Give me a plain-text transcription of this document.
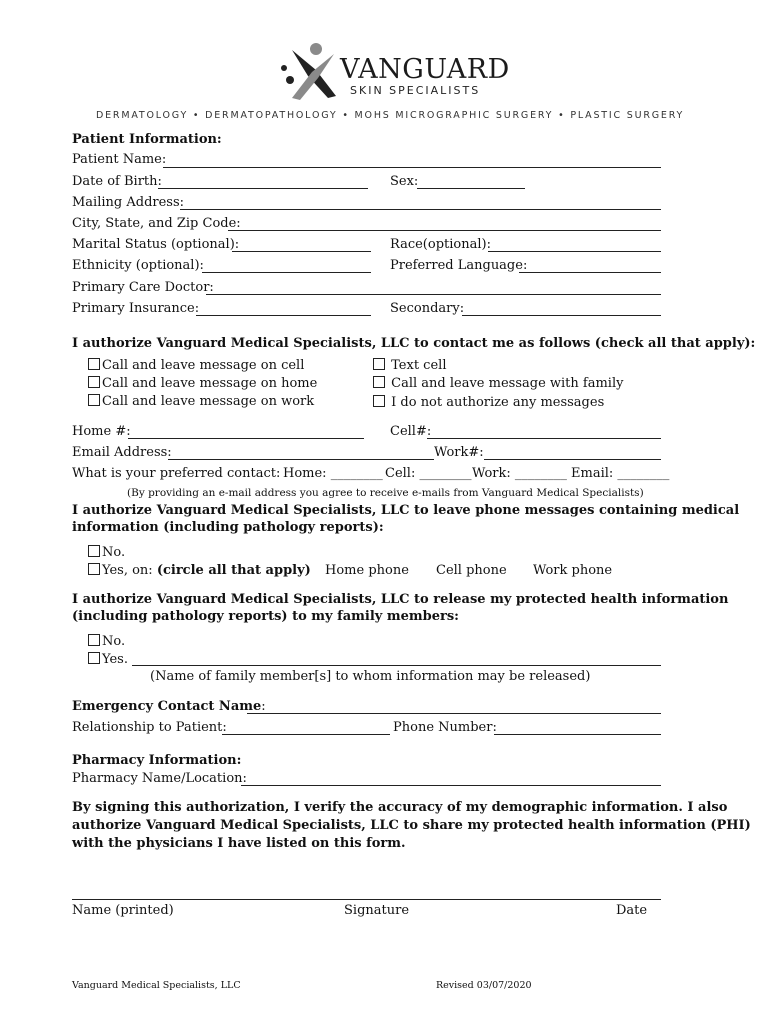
VANGUARD
SKIN SPECIALISTS
DERMATOLOGY • DERMATOPATHOLOGY • MOHS MICROGRAPHIC SURGERY • PLASTIC SURGERY
Patient Information:
Patient Name:
Date of Birth:	Sex:
Mailing Address:
City, State, and Zip Code:
Marital Status (optional):	Race(optional):
Ethnicity (optional):	Preferred Language:
Primary Care Doctor:
Primary Insurance:	Secondary:
I authorize Vanguard Medical Specialists, LLC to contact me as follows (check all that apply):
Call and leave message on cell
Call and leave message on home
Call and leave message on work
Text cell
Call and leave message with family
I do not authorize any messages
Home #:	Cell#:
Email Address:	Work#:
What is your preferred contact: Home: ________ Cell: ________ Work: ________ Email: ________
(By providing an e-mail address you agree to receive e-mails from Vanguard Medical Specialists)
I authorize Vanguard Medical Specialists, LLC to leave phone messages containing medical
information (including pathology reports):
No.
Yes, on: (circle all that apply) Home phone Cell phone Work phone
I authorize Vanguard Medical Specialists, LLC to release my protected health information
(including pathology reports) to my family members:
No.
Yes.
(Name of family member[s] to whom information may be released)
Emergency Contact Name:
Relationship to Patient:	Phone Number:
Pharmacy Information:
Pharmacy Name/Location:
By signing this authorization, I verify the accuracy of my demographic information. I also
authorize Vanguard Medical Specialists, LLC to share my protected health information (PHI)
with the physicians I have listed on this form.
Name (printed)	Signature	Date
Vanguard Medical Specialists, LLC	Revised 03/07/2020
